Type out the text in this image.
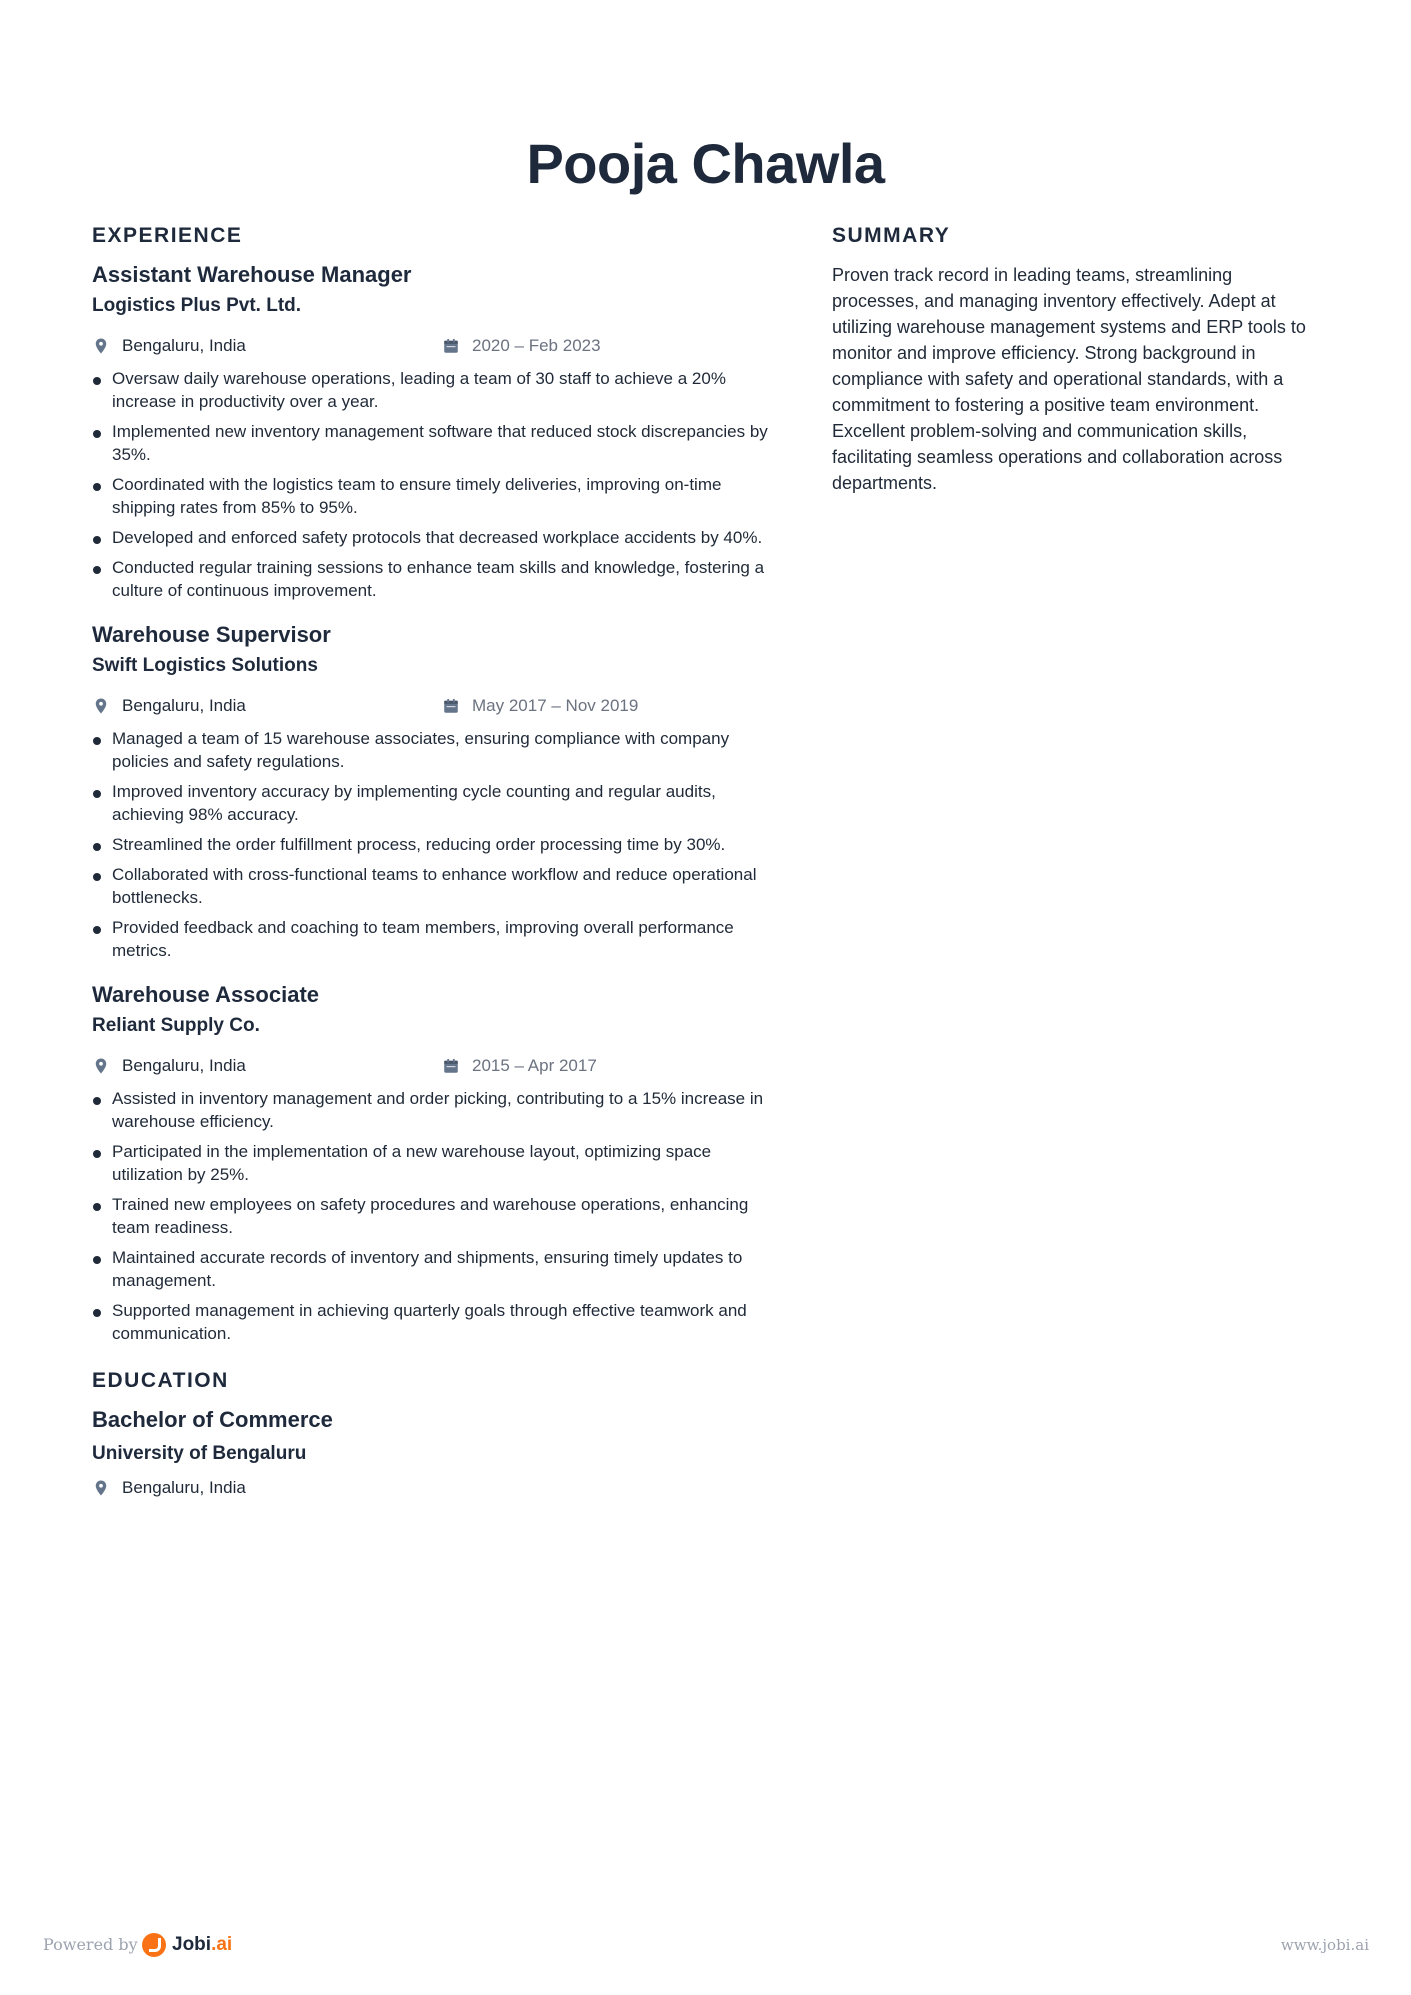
Pooja Chawla
EXPERIENCE
Assistant Warehouse Manager
Logistics Plus Pvt. Ltd.
Bengaluru, India	2020 – Feb 2023
Oversaw daily warehouse operations, leading a team of 30 staff to achieve a 20% increase in productivity over a year.
Implemented new inventory management software that reduced stock discrepancies by 35%.
Coordinated with the logistics team to ensure timely deliveries, improving on-time shipping rates from 85% to 95%.
Developed and enforced safety protocols that decreased workplace accidents by 40%.
Conducted regular training sessions to enhance team skills and knowledge, fostering a culture of continuous improvement.
Warehouse Supervisor
Swift Logistics Solutions
Bengaluru, India	May 2017 – Nov 2019
Managed a team of 15 warehouse associates, ensuring compliance with company policies and safety regulations.
Improved inventory accuracy by implementing cycle counting and regular audits, achieving 98% accuracy.
Streamlined the order fulfillment process, reducing order processing time by 30%.
Collaborated with cross-functional teams to enhance workflow and reduce operational bottlenecks.
Provided feedback and coaching to team members, improving overall performance metrics.
Warehouse Associate
Reliant Supply Co.
Bengaluru, India	2015 – Apr 2017
Assisted in inventory management and order picking, contributing to a 15% increase in warehouse efficiency.
Participated in the implementation of a new warehouse layout, optimizing space utilization by 25%.
Trained new employees on safety procedures and warehouse operations, enhancing team readiness.
Maintained accurate records of inventory and shipments, ensuring timely updates to management.
Supported management in achieving quarterly goals through effective teamwork and communication.
EDUCATION
Bachelor of Commerce
University of Bengaluru
Bengaluru, India
SUMMARY
Proven track record in leading teams, streamlining processes, and managing inventory effectively. Adept at utilizing warehouse management systems and ERP tools to monitor and improve efficiency. Strong background in compliance with safety and operational standards, with a commitment to fostering a positive team environment. Excellent problem-solving and communication skills, facilitating seamless operations and collaboration across departments.
Powered by Jobi.ai	www.jobi.ai
